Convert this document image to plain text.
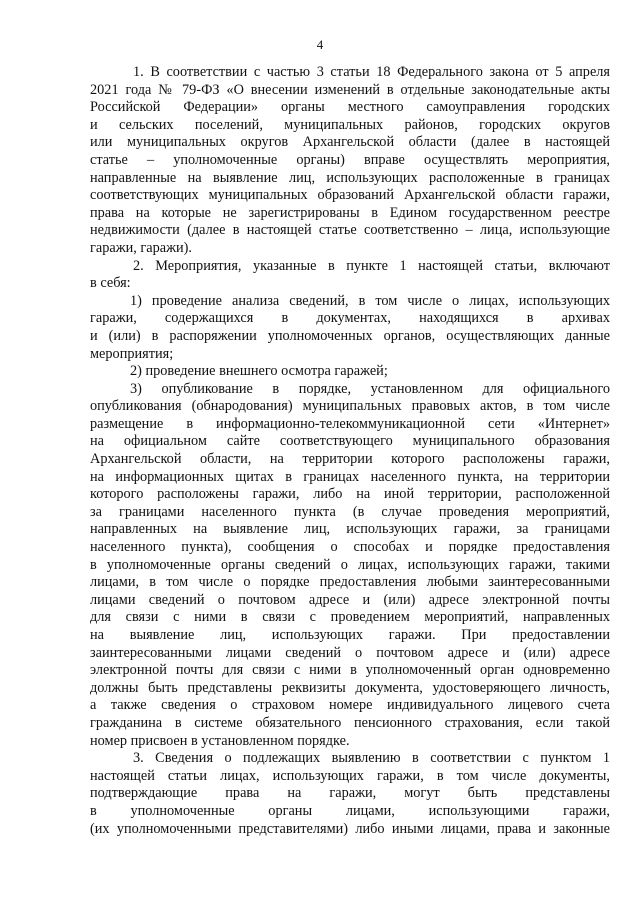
4
1. В соответствии с частью 3 статьи 18 Федерального закона от 5 апреля
2021 года № 79-ФЗ «О внесении изменений в отдельные законодательные акты
Российской Федерации» органы местного самоуправления городских
и сельских поселений, муниципальных районов, городских округов
или муниципальных округов Архангельской области (далее в настоящей
статье – уполномоченные органы) вправе осуществлять мероприятия,
направленные на выявление лиц, использующих расположенные в границах
соответствующих муниципальных образований Архангельской области гаражи,
права на которые не зарегистрированы в Едином государственном реестре
недвижимости (далее в настоящей статье соответственно – лица, использующие
гаражи, гаражи).
2. Мероприятия, указанные в пункте 1 настоящей статьи, включают
в себя:
1) проведение анализа сведений, в том числе о лицах, использующих
гаражи, содержащихся в документах, находящихся в архивах
и (или) в распоряжении уполномоченных органов, осуществляющих данные
мероприятия;
2) проведение внешнего осмотра гаражей;
3) опубликование в порядке, установленном для официального
опубликования (обнародования) муниципальных правовых актов, в том числе
размещение в информационно-телекоммуникационной сети «Интернет»
на официальном сайте соответствующего муниципального образования
Архангельской области, на территории которого расположены гаражи,
на информационных щитах в границах населенного пункта, на территории
которого расположены гаражи, либо на иной территории, расположенной
за границами населенного пункта (в случае проведения мероприятий,
направленных на выявление лиц, использующих гаражи, за границами
населенного пункта), сообщения о способах и порядке предоставления
в уполномоченные органы сведений о лицах, использующих гаражи, такими
лицами, в том числе о порядке предоставления любыми заинтересованными
лицами сведений о почтовом адресе и (или) адресе электронной почты
для связи с ними в связи с проведением мероприятий, направленных
на выявление лиц, использующих гаражи. При предоставлении
заинтересованными лицами сведений о почтовом адресе и (или) адресе
электронной почты для связи с ними в уполномоченный орган одновременно
должны быть представлены реквизиты документа, удостоверяющего личность,
а также сведения о страховом номере индивидуального лицевого счета
гражданина в системе обязательного пенсионного страхования, если такой
номер присвоен в установленном порядке.
3. Сведения о подлежащих выявлению в соответствии с пунктом 1
настоящей статьи лицах, использующих гаражи, в том числе документы,
подтверждающие права на гаражи, могут быть представлены
в уполномоченные органы лицами, использующими гаражи,
(их уполномоченными представителями) либо иными лицами, права и законные
